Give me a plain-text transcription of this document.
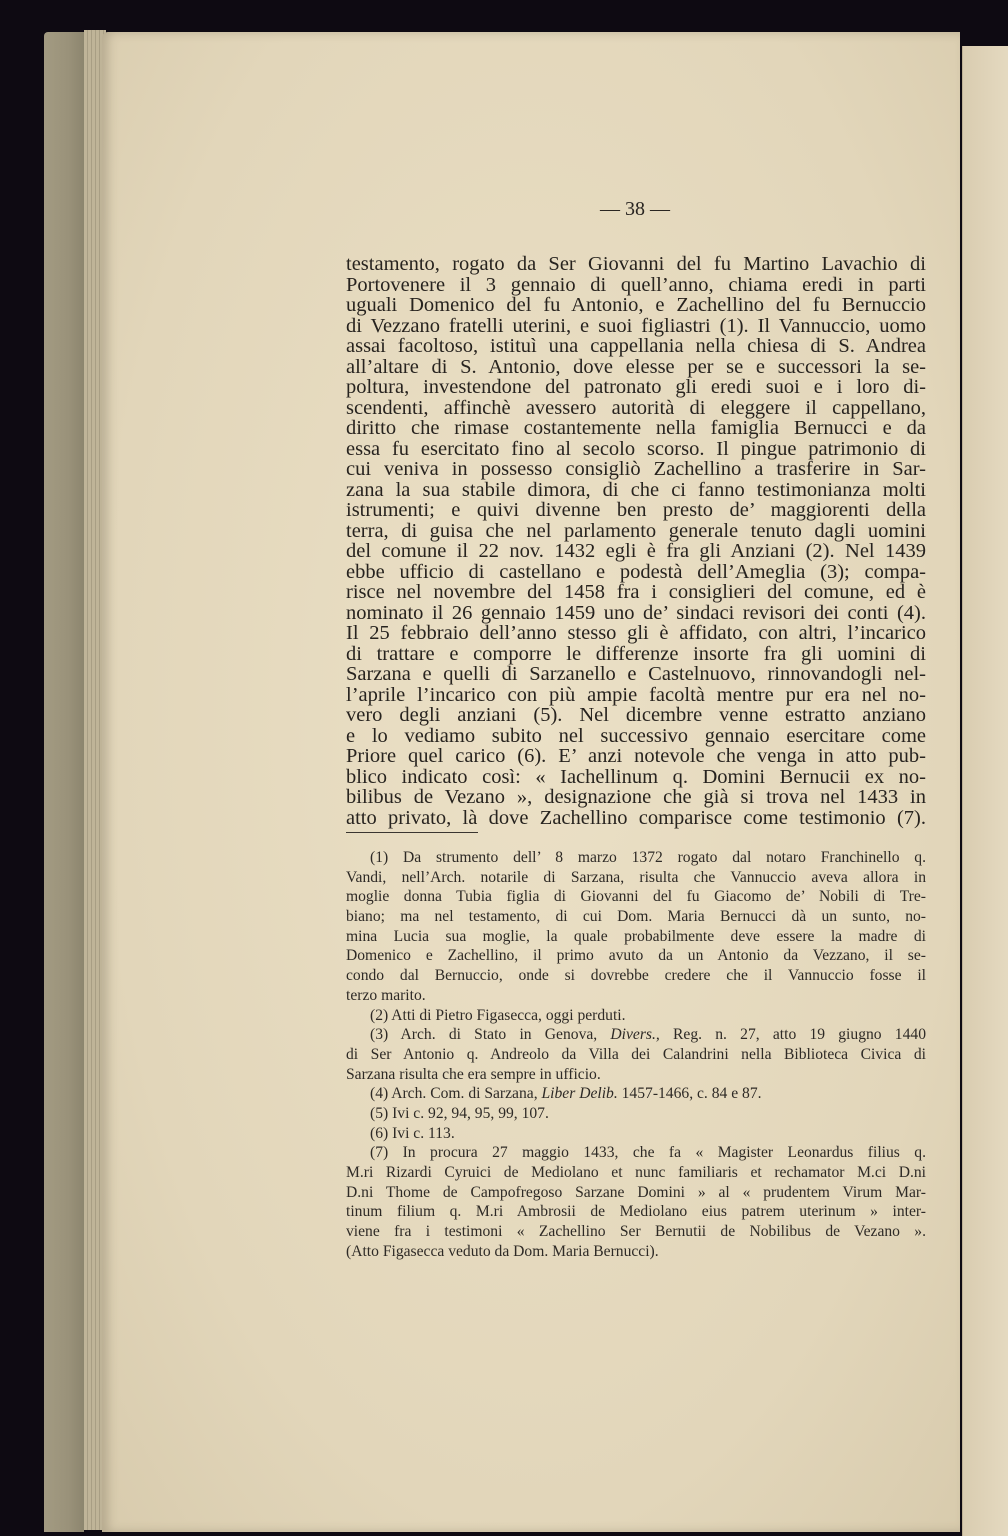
— 38 —
testamento, rogato da Ser Giovanni del fu Martino Lavachio di
Portovenere il 3 gennaio di quell’anno, chiama eredi in parti
uguali Domenico del fu Antonio, e Zachellino del fu Bernuccio
di Vezzano fratelli uterini, e suoi figliastri (1). Il Vannuccio, uomo
assai facoltoso, istituì una cappellania nella chiesa di S. Andrea
all’altare di S. Antonio, dove elesse per se e successori la se-
poltura, investendone del patronato gli eredi suoi e i loro di-
scendenti, affinchè avessero autorità di eleggere il cappellano,
diritto che rimase costantemente nella famiglia Bernucci e da
essa fu esercitato fino al secolo scorso. Il pingue patrimonio di
cui veniva in possesso consigliò Zachellino a trasferire in Sar-
zana la sua stabile dimora, di che ci fanno testimonianza molti
istrumenti; e quivi divenne ben presto de’ maggiorenti della
terra, di guisa che nel parlamento generale tenuto dagli uomini
del comune il 22 nov. 1432 egli è fra gli Anziani (2). Nel 1439
ebbe ufficio di castellano e podestà dell’Ameglia (3); compa-
risce nel novembre del 1458 fra i consiglieri del comune, ed è
nominato il 26 gennaio 1459 uno de’ sindaci revisori dei conti (4).
Il 25 febbraio dell’anno stesso gli è affidato, con altri, l’incarico
di trattare e comporre le differenze insorte fra gli uomini di
Sarzana e quelli di Sarzanello e Castelnuovo, rinnovandogli nel-
l’aprile l’incarico con più ampie facoltà mentre pur era nel no-
vero degli anziani (5). Nel dicembre venne estratto anziano
e lo vediamo subito nel successivo gennaio esercitare come
Priore quel carico (6). E’ anzi notevole che venga in atto pub-
blico indicato così: « Iachellinum q. Domini Bernucii ex no-
bilibus de Vezano », designazione che già si trova nel 1433 in
atto privato, là dove Zachellino comparisce come testimonio (7).
(1) Da strumento dell’ 8 marzo 1372 rogato dal notaro Franchinello q.
Vandi, nell’Arch. notarile di Sarzana, risulta che Vannuccio aveva allora in
moglie donna Tubia figlia di Giovanni del fu Giacomo de’ Nobili di Tre-
biano; ma nel testamento, di cui Dom. Maria Bernucci dà un sunto, no-
mina Lucia sua moglie, la quale probabilmente deve essere la madre di
Domenico e Zachellino, il primo avuto da un Antonio da Vezzano, il se-
condo dal Bernuccio, onde si dovrebbe credere che il Vannuccio fosse il
terzo marito.
(2) Atti di Pietro Figasecca, oggi perduti.
(3) Arch. di Stato in Genova, Divers., Reg. n. 27, atto 19 giugno 1440
di Ser Antonio q. Andreolo da Villa dei Calandrini nella Biblioteca Civica di
Sarzana risulta che era sempre in ufficio.
(4) Arch. Com. di Sarzana, Liber Delib. 1457-1466, c. 84 e 87.
(5) Ivi c. 92, 94, 95, 99, 107.
(6) Ivi c. 113.
(7) In procura 27 maggio 1433, che fa « Magister Leonardus filius q.
M.ri Rizardi Cyruici de Mediolano et nunc familiaris et rechamator M.ci D.ni
D.ni Thome de Campofregoso Sarzane Domini » al « prudentem Virum Mar-
tinum filium q. M.ri Ambrosii de Mediolano eius patrem uterinum » inter-
viene fra i testimoni « Zachellino Ser Bernutii de Nobilibus de Vezano ».
(Atto Figasecca veduto da Dom. Maria Bernucci).
